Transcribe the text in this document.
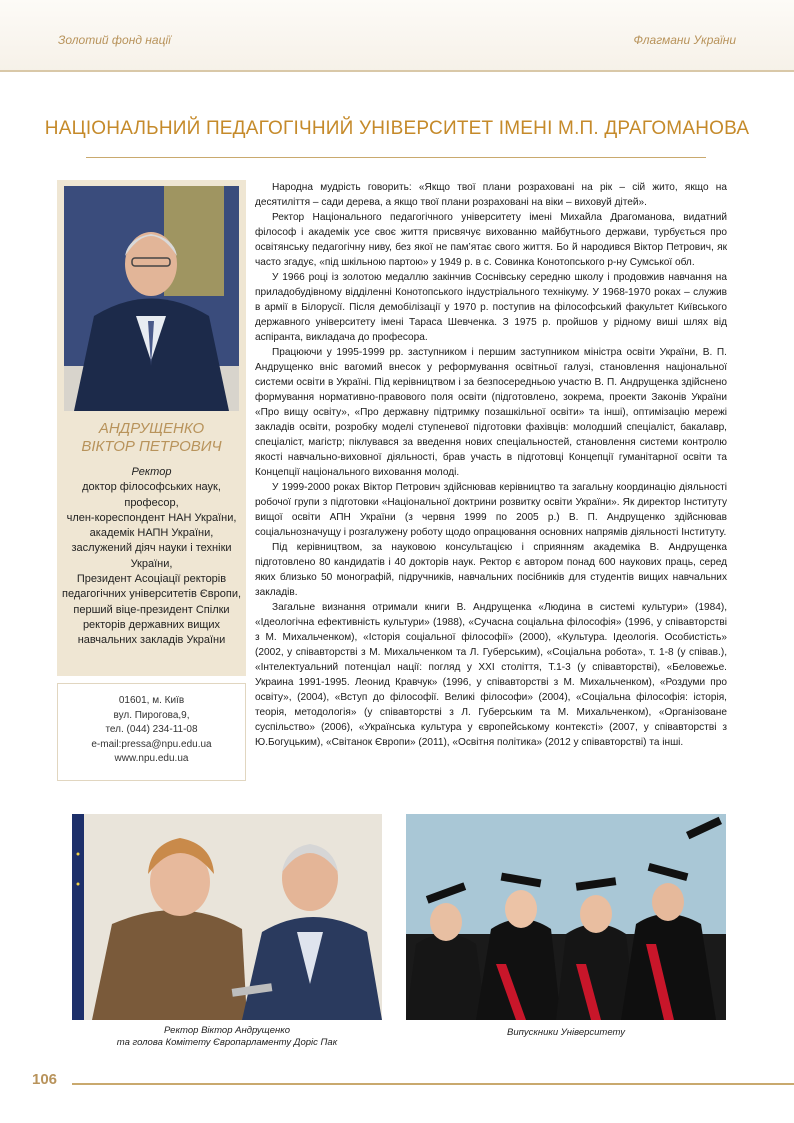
Золотий фонд нації	Флагмани України
НАЦІОНАЛЬНИЙ ПЕДАГОГІЧНИЙ УНІВЕРСИТЕТ ІМЕНІ М.П. ДРАГОМАНОВА
АНДРУЩЕНКО
ВІКТОР ПЕТРОВИЧ
Ректор
доктор філософських наук,
професор,
член-кореспондент НАН України,
академік НАПН України,
заслужений діяч науки і техніки України,
Президент Асоціації ректорів педагогічних університетів Європи,
перший віце-президент Спілки ректорів державних вищих навчальних закладів України
01601, м. Київ
вул. Пирогова,9,
тел. (044) 234-11-08
e-mail:pressa@npu.edu.ua
www.npu.edu.ua

Народна мудрість говорить: «Якщо твої плани розраховані на рік – сій жито, якщо на десятиліття – сади дерева, а якщо твої плани розраховані на віки – виховуй дітей».

Ректор Національного педагогічного університету імені Михайла Драгоманова, видатний філософ і академік усе своє життя присвячує вихованню майбутнього держави, турбується про освітянську педагогічну ниву, без якої не пам’ятає свого життя. Бо й народився Віктор Петрович, як часто згадує, «під шкільною партою» у 1949 р. в с. Совинка Конотопського р-ну Сумської обл.

У 1966 році із золотою медаллю закінчив Соснівську середню школу і продовжив навчання на приладобудівному відділенні Конотопського індустріального технікуму. У 1968-1970 роках – служив в армії в Білорусії. Після демобілізації у 1970 р. поступив на філософський факультет Київського державного університету імені Тараса Шевченка. З 1975 р. пройшов у рідному виші шлях від аспіранта, викладача до професора.

Працюючи у 1995-1999 рр. заступником і першим заступником міністра освіти України, В. П. Андрущенко вніс вагомий внесок у реформування освітньої галузі, становлення національної системи освіти в Україні. Під керівництвом і за безпосередньою участю В. П. Андрущенка здійснено формування нормативно-правового поля освіти (підготовлено, зокрема, проекти Законів України «Про вищу освіту», «Про державну підтримку позашкільної освіти» та інші), оптимізацію мережі закладів освіти, розробку моделі ступеневої підготовки фахівців: молодший спеціаліст, бакалавр, спеціаліст, магістр; піклувався за введення нових спеціальностей, становлення системи контролю якості навчально-виховної діяльності, брав участь в підготовці Концепції гуманітарної освіти та Концепції національного виховання молоді.

У 1999-2000 роках Віктор Петрович здійснював керівництво та загальну координацію діяльності робочої групи з підготовки «Національної доктрини розвитку освіти України». Як директор Інституту вищої освіти АПН України (з червня 1999 по 2005 р.) В. П. Андрущенко здійснював соціальнозначущу і розгалужену роботу щодо опрацювання основних напрямів діяльності Інституту.

Під керівництвом, за науковою консультацією і сприянням академіка В. Андрущенка підготовлено 80 кандидатів і 40 докторів наук. Ректор є автором понад 600 наукових праць, серед яких близько 50 монографій, підручників, навчальних посібників для студентів вищих навчальних закладів.

Загальне визнання отримали книги В. Андрущенка «Людина в системі культури» (1984), «Ідеологічна ефективність культури» (1988), «Сучасна соціальна філософія» (1996, у співавторстві з М. Михальченком), «Історія соціальної філософії» (2000), «Культура. Ідеологія. Особистість» (2002, у співавторстві з М. Михальченком та Л. Губерським), «Соціальна робота», т. 1-8 (у співав.), «Інтелектуальний потенціал нації: погляд у XXI століття, Т.1-3 (у співавторстві), «Беловежье. Украина 1991-1995. Леонид Кравчук» (1996, у співавторстві з М. Михальченком), «Роздуми про освіту», (2004), «Вступ до філософії. Великі філософи» (2004), «Соціальна філософія: історія, теорія, методологія» (у співавторстві з Л. Губерським та М. Михальченком), «Організоване суспільство» (2006), «Українська культура у європейському контексті» (2007, у співавторстві з Ю.Богуцьким), «Світанок Європи» (2011), «Освітня політика» (2012 у співавторстві) та інші.

Ректор Віктор Андрущенко
та голова Комітету Європарламенту Доріс Пак
Випускники Університету
106
